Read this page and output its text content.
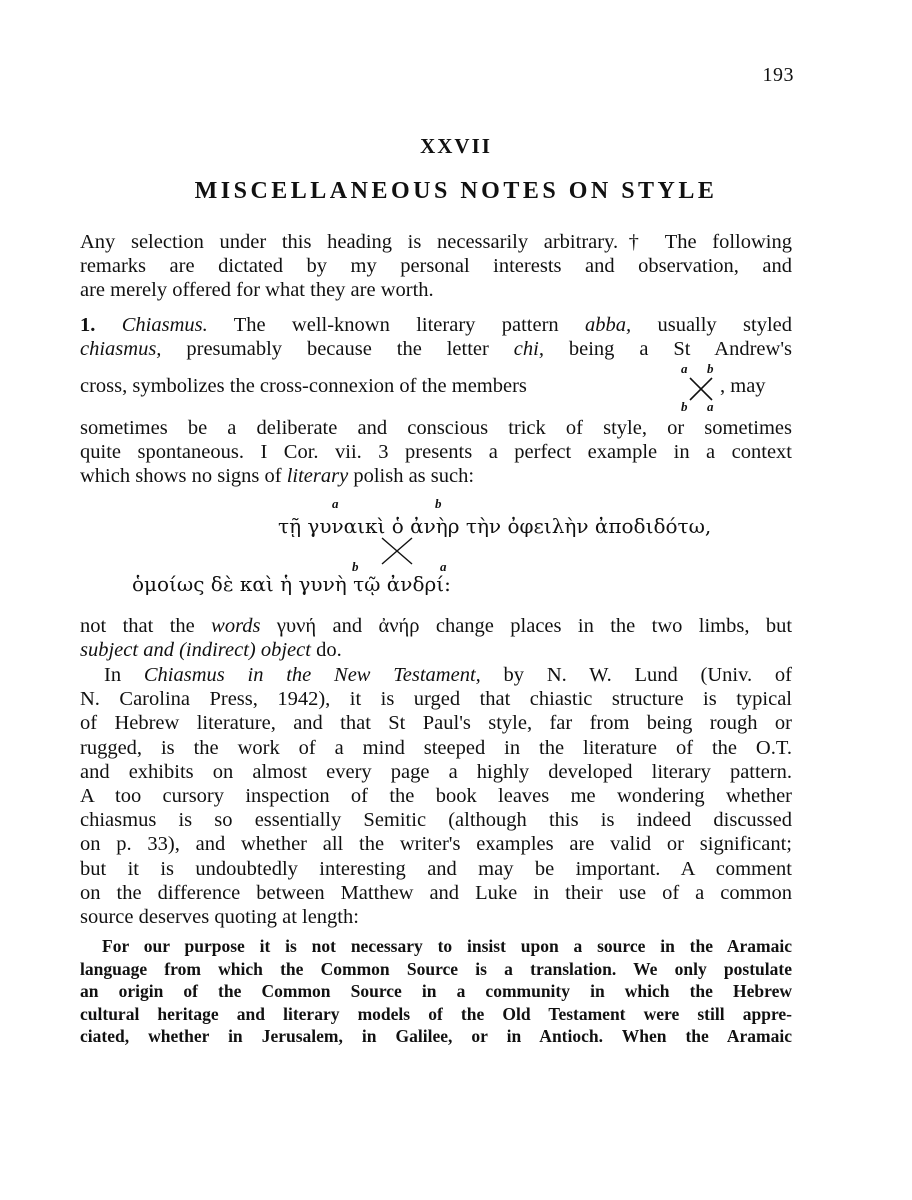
193
XXVII
MISCELLANEOUS NOTES ON STYLE
Any selection under this heading is necessarily arbitrary.† The following
remarks are dictated by my personal interests and observation, and
are merely offered for what they are worth.
1. Chiasmus. The well-known literary pattern abba, usually styled
chiasmus, presumably because the letter chi, being a St Andrew's
cross, symbolizes the cross-connexion of the members	, may
a b
b a
sometimes be a deliberate and conscious trick of style, or sometimes
quite spontaneous. I Cor. vii. 3 presents a perfect example in a context
which shows no signs of literary polish as such:
a	b
τῇ γυναικὶ ὁ ἀνὴρ τὴν ὀφειλὴν ἀποδιδότω,
b	a
ὁμοίως δὲ καὶ ἡ γυνὴ τῷ ἀνδρί:
not that the words γυνή and ἀνήρ change places in the two limbs, but
subject and (indirect) object do.
In Chiasmus in the New Testament, by N. W. Lund (Univ. of
N. Carolina Press, 1942), it is urged that chiastic structure is typical
of Hebrew literature, and that St Paul's style, far from being rough or
rugged, is the work of a mind steeped in the literature of the O.T.
and exhibits on almost every page a highly developed literary pattern.
A too cursory inspection of the book leaves me wondering whether
chiasmus is so essentially Semitic (although this is indeed discussed
on p. 33), and whether all the writer's examples are valid or significant;
but it is undoubtedly interesting and may be important. A comment
on the difference between Matthew and Luke in their use of a common
source deserves quoting at length:
For our purpose it is not necessary to insist upon a source in the Aramaic
language from which the Common Source is a translation. We only postulate
an origin of the Common Source in a community in which the Hebrew
cultural heritage and literary models of the Old Testament were still appre-
ciated, whether in Jerusalem, in Galilee, or in Antioch. When the Aramaic
